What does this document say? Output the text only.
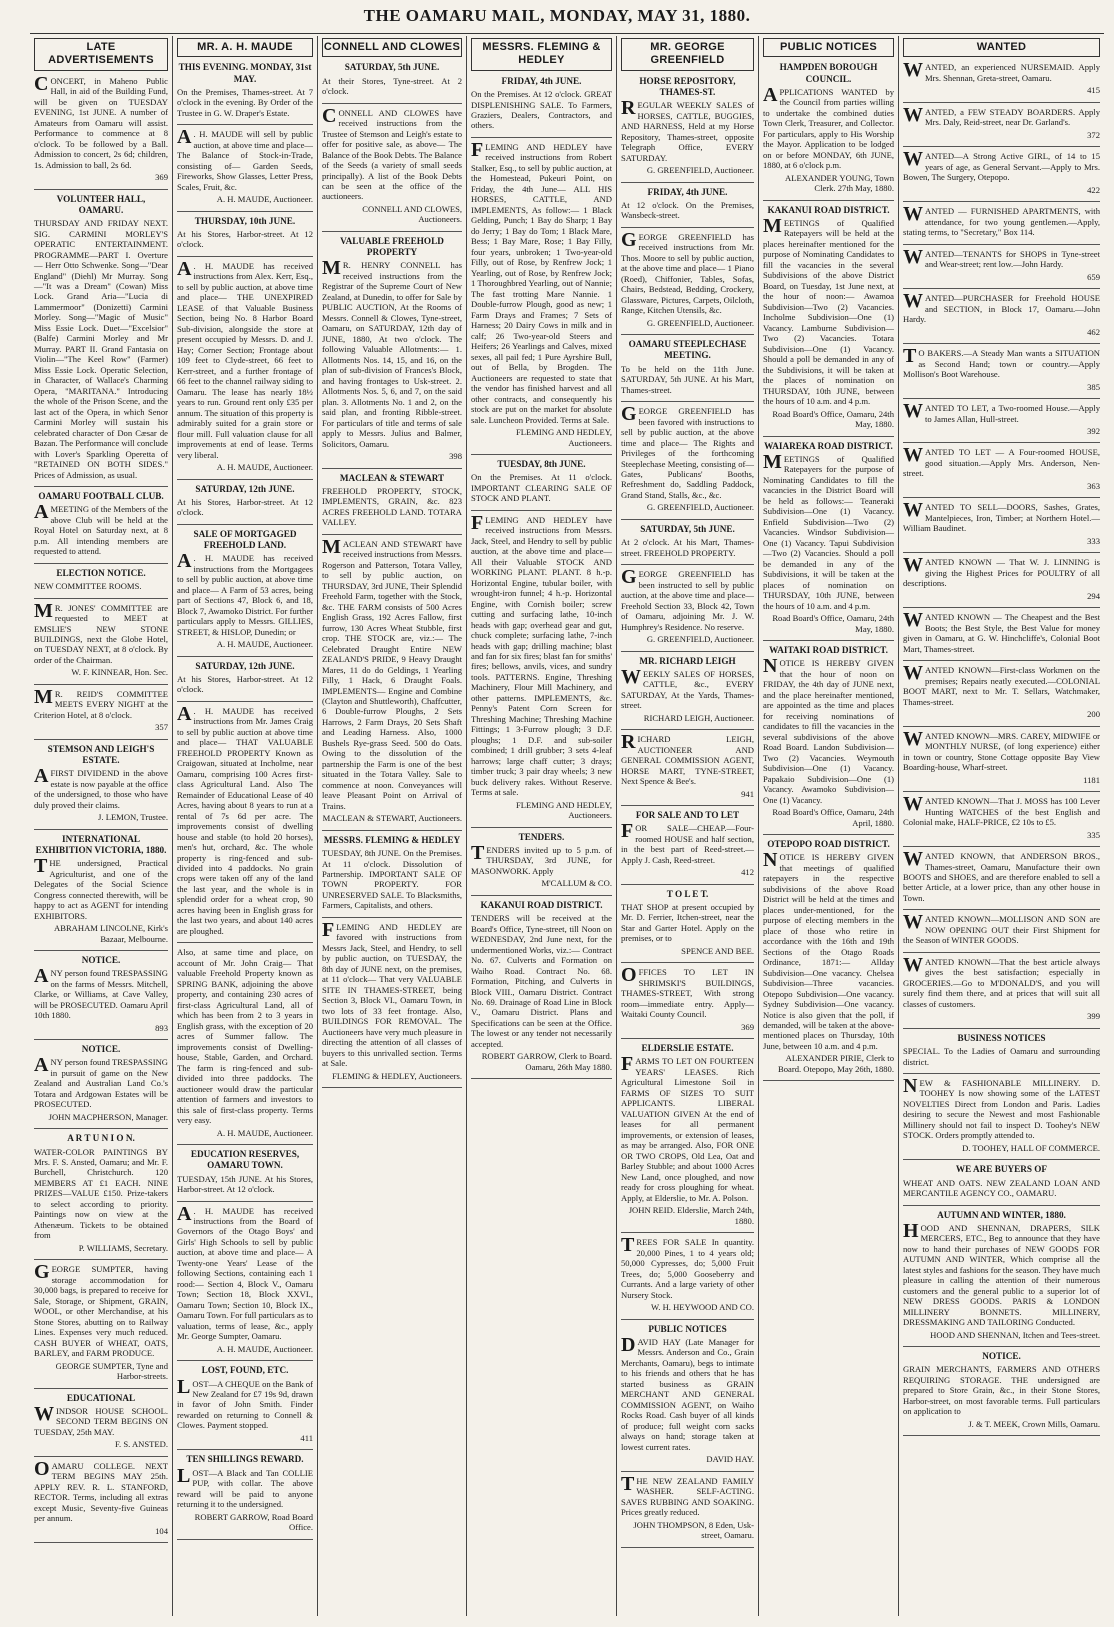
THE OAMARU MAIL, MONDAY, MAY 31, 1880.
LATE ADVERTISEMENTS
CONCERT, in Maheno Public Hall, in aid of the Building Fund, will be given on TUESDAY EVENING, 1st JUNE. A number of Amateurs from Oamaru will assist. Performance to commence at 8 o'clock. To be followed by a Ball. Admission to concert, 2s 6d; children, 1s. Admission to ball, 2s 6d.
369
VOLUNTEER HALL, OAMARU.
THURSDAY AND FRIDAY NEXT. SIG. CARMINI MORLEY'S OPERATIC ENTERTAINMENT. PROGRAMME—PART I. Overture — Herr Otto Schwenke. Song—"Dear England" (Diehl) Mr Murray. Song—"It was a Dream" (Cowan) Miss Lock. Grand Aria—"Lucia di Lammermoor" (Donizetti) Carmini Morley. Song—"Magic of Music" Miss Essie Lock. Duet—"Excelsior" (Balfe) Carmini Morley and Mr Murray. PART II. Grand Fantasia on Violin—"The Keel Row" (Farmer) Miss Essie Lock. Operatic Selection, in Character, of Wallace's Charming Opera, "MARITANA." Introducing the whole of the Prison Scene, and the last act of the Opera, in which Senor Carmini Morley will sustain his celebrated character of Don Cæsar de Bazan. The Performance will conclude with Lover's Sparkling Operetta of "RETAINED ON BOTH SIDES." Prices of Admission, as usual.
OAMARU FOOTBALL CLUB.
AMEETING of the Members of the above Club will be held at the Royal Hotel on Saturday next, at 8 p.m. All intending members are requested to attend.
ELECTION NOTICE.
NEW COMMITTEE ROOMS.
M R. JONES' COMMITTEE are requested to MEET at EMSLIE'S NEW STONE BUILDINGS, next the Globe Hotel, on TUESDAY NEXT, at 8 o'clock. By order of the Chairman.
W. F. KINNEAR, Hon. Sec.
M R. REID'S COMMITTEE MEETS EVERY NIGHT at the Criterion Hotel, at 8 o'clock.
357
STEMSON AND LEIGH'S ESTATE.
AFIRST DIVIDEND in the above estate is now payable at the office of the undersigned, to those who have duly proved their claims.
J. LEMON, Trustee.
INTERNATIONAL EXHIBITION VICTORIA, 1880.
THE undersigned, Practical Agriculturist, and one of the Delegates of the Social Science Congress connected therewith, will be happy to act as AGENT for intending EXHIBITORS.
ABRAHAM LINCOLNE, Kirk's Bazaar, Melbourne.
NOTICE.
ANY person found TRESPASSING on the farms of Messrs. Mitchell, Clarke, or Williams, at Cave Valley, will be PROSECUTED. Oamaru April 10th 1880.
893
NOTICE.
ANY person found TRESPASSING in pursuit of game on the New Zealand and Australian Land Co.'s Totara and Ardgowan Estates will be PROSECUTED.
JOHN MACPHERSON, Manager.
A R T U N I O N.
WATER-COLOR PAINTINGS BY Mrs. F. S. Ansted, Oamaru; and Mr. F. Burchell, Christchurch. 120 MEMBERS AT £1 EACH. NINE PRIZES—VALUE £150. Prize-takers to select according to priority. Paintings now on view at the Athenæum. Tickets to be obtained from
P. WILLIAMS, Secretary.
GEORGE SUMPTER, having storage accommodation for 30,000 bags, is prepared to receive for Sale, Storage, or Shipment, GRAIN, WOOL, or other Merchandise, at his Stone Stores, abutting on to Railway Lines. Expenses very much reduced. CASH BUYER of WHEAT, OATS, BARLEY, and FARM PRODUCE.
GEORGE SUMPTER, Tyne and Harbor-streets.
EDUCATIONAL
WINDSOR HOUSE SCHOOL. SECOND TERM BEGINS ON TUESDAY, 25th MAY.
F. S. ANSTED.
OAMARU COLLEGE. NEXT TERM BEGINS MAY 25th. APPLY REV. R. L. STANFORD, RECTOR. Terms, including all extras except Music, Seventy-five Guineas per annum.
104
MR. A. H. MAUDE
THIS EVENING. MONDAY, 31st MAY.
On the Premises, Thames-street. At 7 o'clock in the evening. By Order of the Trustee in G. W. Draper's Estate.
A . H. MAUDE will sell by public auction, at above time and place— The Balance of Stock-in-Trade, consisting of— Garden Seeds, Fireworks, Show Glasses, Letter Press, Scales, Fruit, &c.
A. H. MAUDE, Auctioneer.
THURSDAY, 10th JUNE.
At his Stores, Harbor-street. At 12 o'clock.
A . H. MAUDE has received instructions from Alex. Kerr, Esq., to sell by public auction, at above time and place— THE UNEXPIRED LEASE of that Valuable Business Section, being No. 8 Harbor Board Sub-division, alongside the store at present occupied by Messrs. D. and J. Hay; Corner Section; Frontage about 109 feet to Clyde-street, 66 feet to Kerr-street, and a further frontage of 66 feet to the channel railway siding to Oamaru. The lease has nearly 18½ years to run. Ground rent only £35 per annum. The situation of this property is admirably suited for a grain store or flour mill. Full valuation clause for all improvements at end of lease. Terms very liberal.
A. H. MAUDE, Auctioneer.
SATURDAY, 12th JUNE.
At his Stores, Harbor-street. At 12 o'clock.
SALE OF MORTGAGED FREEHOLD LAND.
A . H. MAUDE has received instructions from the Mortgagees to sell by public auction, at above time and place— A Farm of 53 acres, being part of Sections 47, Block 6, and 18, Block 7, Awamoko District. For further particulars apply to Messrs. GILLIES, STREET, & HISLOP, Dunedin; or
A. H. MAUDE, Auctioneer.
SATURDAY, 12th JUNE.
At his Stores, Harbor-street. At 12 o'clock.
A . H. MAUDE has received instructions from Mr. James Craig to sell by public auction at above time and place— THAT VALUABLE FREEHOLD PROPERTY Known as Craigowan, situated at Incholme, near Oamaru, comprising 100 Acres first-class Agricultural Land. Also The Remainder of Educational Lease of 40 Acres, having about 8 years to run at a rental of 7s 6d per acre. The improvements consist of dwelling house and stable (to hold 20 horses), men's hut, orchard, &c. The whole property is ring-fenced and sub-divided into 4 paddocks. No grain crops were taken off any of the land the last year, and the whole is in splendid order for a wheat crop, 90 acres having been in English grass for the last two years, and about 140 acres are ploughed.
Also, at same time and place, on account of Mr. John Craig— That valuable Freehold Property known as SPRING BANK, adjoining the above property, and containing 230 acres of first-class Agricultural Land, all of which has been from 2 to 3 years in English grass, with the exception of 20 acres of Summer fallow. The improvements consist of Dwelling-house, Stable, Garden, and Orchard. The farm is ring-fenced and sub-divided into three paddocks. The auctioneer would draw the particular attention of farmers and investors to this sale of first-class property. Terms very easy.
A. H. MAUDE, Auctioneer.
EDUCATION RESERVES, OAMARU TOWN.
TUESDAY, 15th JUNE. At his Stores, Harbor-street. At 12 o'clock.
A . H. MAUDE has received instructions from the Board of Governors of the Otago Boys' and Girls' High Schools to sell by public auction, at above time and place— A Twenty-one Years' Lease of the following Sections, containing each 1 rood:— Section 4, Block V., Oamaru Town; Section 18, Block XXVI., Oamaru Town; Section 10, Block IX., Oamaru Town. For full particulars as to valuation, terms of lease, &c., apply Mr. George Sumpter, Oamaru.
A. H. MAUDE, Auctioneer.
LOST, FOUND, ETC.
LOST—A CHEQUE on the Bank of New Zealand for £7 19s 9d, drawn in favor of John Smith. Finder rewarded on returning to Connell & Clowes. Payment stopped.
411
TEN SHILLINGS REWARD.
LOST—A Black and Tan COLLIE PUP, with collar. The above reward will be paid to anyone returning it to the undersigned.
ROBERT GARROW, Road Board Office.
CONNELL AND CLOWES
SATURDAY, 5th JUNE.
At their Stores, Tyne-street. At 2 o'clock.
CONNELL AND CLOWES have received instructions from the Trustee of Stemson and Leigh's estate to offer for positive sale, as above— The Balance of the Book Debts. The Balance of the Seeds (a variety of small seeds principally). A list of the Book Debts can be seen at the office of the auctioneers.
CONNELL AND CLOWES, Auctioneers.
VALUABLE FREEHOLD PROPERTY
M R. HENRY CONNELL has received instructions from the Registrar of the Supreme Court of New Zealand, at Dunedin, to offer for Sale by PUBLIC AUCTION, At the Rooms of Messrs. Connell & Clowes, Tyne-street, Oamaru, on SATURDAY, 12th day of JUNE, 1880, At two o'clock. The following Valuable Allotments:— 1. Allotments Nos. 14, 15, and 16, on the plan of sub-division of Frances's Block, and having frontages to Usk-street. 2. Allotments Nos. 5, 6, and 7, on the said plan. 3. Allotments No. 1 and 2, on the said plan, and fronting Ribble-street. For particulars of title and terms of sale apply to Messrs. Julius and Balmer, Solicitors, Oamaru.
398
MACLEAN & STEWART
FREEHOLD PROPERTY, STOCK, IMPLEMENTS, GRAIN, &c. 823 ACRES FREEHOLD LAND. TOTARA VALLEY.
MACLEAN AND STEWART have received instructions from Messrs. Rogerson and Patterson, Totara Valley, to sell by public auction, on THURSDAY, 3rd JUNE, Their Splendid Freehold Farm, together with the Stock, &c. THE FARM consists of 500 Acres English Grass, 192 Acres Fallow, first furrow, 130 Acres Wheat Stubble, first crop. THE STOCK are, viz.:— The Celebrated Draught Entire NEW ZEALAND'S PRIDE, 9 Heavy Draught Mares, 11 do do Geldings, 1 Yearling Filly, 1 Hack, 6 Draught Foals. IMPLEMENTS— Engine and Combine (Clayton and Shuttleworth), Chaffcutter, 6 Double-furrow Ploughs, 2 Sets Harrows, 2 Farm Drays, 20 Sets Shaft and Leading Harness. Also, 1000 Bushels Rye-grass Seed. 500 do Oats. Owing to the dissolution of the partnership the Farm is one of the best situated in the Totara Valley. Sale to commence at noon. Conveyances will leave Pleasant Point on Arrival of Trains.
MACLEAN & STEWART, Auctioneers.
MESSRS. FLEMING & HEDLEY
TUESDAY, 8th JUNE. On the Premises. At 11 o'clock. Dissolution of Partnership. IMPORTANT SALE OF TOWN PROPERTY. FOR UNRESERVED SALE. To Blacksmiths, Farmers, Capitalists, and others.
FLEMING AND HEDLEY are favored with instructions from Messrs Jack, Steel, and Hendry, to sell by public auction, on TUESDAY, the 8th day of JUNE next, on the premises, at 11 o'clock— That very VALUABLE SITE IN THAMES-STREET, being Section 3, Block VI., Oamaru Town, in two lots of 33 feet frontage. Also, BUILDINGS FOR REMOVAL. The Auctioneers have very much pleasure in directing the attention of all classes of buyers to this unrivalled section. Terms at Sale.
FLEMING & HEDLEY, Auctioneers.
MESSRS. FLEMING & HEDLEY
FRIDAY, 4th JUNE.
On the Premises. At 12 o'clock. GREAT DISPLENISHING SALE. To Farmers, Graziers, Dealers, Contractors, and others.
FLEMING AND HEDLEY have received instructions from Robert Stalker, Esq., to sell by public auction, at the Homestead, Pukeuri Point, on Friday, the 4th June— ALL HIS HORSES, CATTLE, AND IMPLEMENTS, As follow:— 1 Black Gelding, Punch; 1 Bay do Sharp; 1 Bay do Jerry; 1 Bay do Tom; 1 Black Mare, Bess; 1 Bay Mare, Rose; 1 Bay Filly, four years, unbroken; 1 Two-year-old Filly, out of Rose, by Renfrew Jock; 1 Yearling, out of Rose, by Renfrew Jock; 1 Thoroughbred Yearling, out of Nannie; The fast trotting Mare Nannie. 1 Double-furrow Plough, good as new; 1 Farm Drays and Frames; 7 Sets of Harness; 20 Dairy Cows in milk and in calf; 26 Two-year-old Steers and Heifers; 26 Yearlings and Calves, mixed sexes, all pail fed; 1 Pure Ayrshire Bull, out of Bella, by Brogden. The Auctioneers are requested to state that the vendor has finished harvest and all other contracts, and consequently his stock are put on the market for absolute sale. Luncheon Provided. Terms at Sale.
FLEMING AND HEDLEY, Auctioneers.
TUESDAY, 8th JUNE.
On the Premises. At 11 o'clock. IMPORTANT CLEARING SALE OF STOCK AND PLANT.
FLEMING AND HEDLEY have received instructions from Messrs. Jack, Steel, and Hendry to sell by public auction, at the above time and place— All their Valuable STOCK AND WORKING PLANT. PLANT. 8 h.-p. Horizontal Engine, tubular boiler, with wrought-iron funnel; 4 h.-p. Horizontal Engine, with Cornish boiler; screw cutting and surfacing lathe, 10-inch heads with gap; overhead gear and gut, chuck complete; surfacing lathe, 7-inch heads with gap; drilling machine; blast and fan for six fires; blast fan for smiths' fires; bellows, anvils, vices, and sundry tools. PATTERNS. Engine, Threshing Machinery, Flour Mill Machinery, and other patterns. IMPLEMENTS, &c. Penny's Patent Corn Screen for Threshing Machine; Threshing Machine Fittings; 1 3-Furrow plough; 3 D.F. ploughs; 1 D.F. and sub-soiler combined; 1 drill grubber; 3 sets 4-leaf harrows; large chaff cutter; 3 drays; timber truck; 3 pair dray wheels; 3 new buck delivery rakes. Without Reserve. Terms at sale.
FLEMING AND HEDLEY, Auctioneers.
TENDERS.
TENDERS invited up to 5 p.m. of THURSDAY, 3rd JUNE, for MASONWORK. Apply
M'CALLUM & CO.
KAKANUI ROAD DISTRICT.
TENDERS will be received at the Board's Office, Tyne-street, till Noon on WEDNESDAY, 2nd June next, for the undermentioned Works, viz.:— Contract No. 67. Culverts and Formation on Waiho Road. Contract No. 68. Formation, Pitching, and Culverts in Block VIII., Oamaru District. Contract No. 69. Drainage of Road Line in Block V., Oamaru District. Plans and Specifications can be seen at the Office. The lowest or any tender not necessarily accepted.
ROBERT GARROW, Clerk to Board. Oamaru, 26th May 1880.
MR. GEORGE GREENFIELD
HORSE REPOSITORY, THAMES-ST.
REGULAR WEEKLY SALES of HORSES, CATTLE, BUGGIES, AND HARNESS, Held at my Horse Repository, Thames-street, opposite Telegraph Office, EVERY SATURDAY.
G. GREENFIELD, Auctioneer.
FRIDAY, 4th JUNE.
At 12 o'clock. On the Premises, Wansbeck-street.
GEORGE GREENFIELD has received instructions from Mr. Thos. Moore to sell by public auction, at the above time and place— 1 Piano (Roed), Chiffonier, Tables, Sofas, Chairs, Bedstead, Bedding, Crockery, Glassware, Pictures, Carpets, Oilcloth, Range, Kitchen Utensils, &c.
G. GREENFIELD, Auctioneer.
OAMARU STEEPLECHASE MEETING.
To be held on the 11th June. SATURDAY, 5th JUNE. At his Mart, Thames-street.
GEORGE GREENFIELD has been favored with instructions to sell by public auction, at the above time and place— The Rights and Privileges of the forthcoming Steeplechase Meeting, consisting of— Gates, Publicans' Booths, Refreshment do, Saddling Paddock, Grand Stand, Stalls, &c., &c.
G. GREENFIELD, Auctioneer.
SATURDAY, 5th JUNE.
At 2 o'clock. At his Mart, Thames-street. FREEHOLD PROPERTY.
GEORGE GREENFIELD has been instructed to sell by public auction, at the above time and place— Freehold Section 33, Block 42, Town of Oamaru, adjoining Mr. J. W. Humphrey's Residence. No reserve.
G. GREENFIELD, Auctioneer.
MR. RICHARD LEIGH
WEEKLY SALES OF HORSES, CATTLE, &c., EVERY SATURDAY, At the Yards, Thames-street.
RICHARD LEIGH, Auctioneer.
RICHARD LEIGH, AUCTIONEER AND GENERAL COMMISSION AGENT, HORSE MART, TYNE-STREET, Next Spence & Bee's.
941
FOR SALE AND TO LET
FOR SALE—CHEAP.—Four-roomed HOUSE and half section, in the best part of Reed-street.—Apply J. Cash, Reed-street.
412
T O L E T.
THAT SHOP at present occupied by Mr. D. Ferrier, Itchen-street, near the Star and Garter Hotel. Apply on the premises, or to
SPENCE AND BEE.
OFFICES TO LET IN SHRIMSKI'S BUILDINGS, THAMES-STREET, With strong room—immediate entry. Apply—Waitaki County Council.
369
ELDERSLIE ESTATE.
FARMS TO LET ON FOURTEEN YEARS' LEASES. Rich Agricultural Limestone Soil in FARMS OF SIZES TO SUIT APPLICANTS. LIBERAL VALUATION GIVEN At the end of leases for all permanent improvements, or extension of leases, as may be arranged. Also, FOR ONE OR TWO CROPS, Old Lea, Oat and Barley Stubble; and about 1000 Acres New Land, once ploughed, and now ready for cross ploughing for wheat. Apply, at Elderslie, to Mr. A. Polson.
JOHN REID. Elderslie, March 24th, 1880.
TREES FOR SALE In quantity. 20,000 Pines, 1 to 4 years old; 50,000 Cypresses, do; 5,000 Fruit Trees, do; 5,000 Gooseberry and Currants. And a large variety of other Nursery Stock.
W. H. HEYWOOD AND CO.
PUBLIC NOTICES
DAVID HAY (Late Manager for Messrs. Anderson and Co., Grain Merchants, Oamaru), begs to intimate to his friends and others that he has started business as GRAIN MERCHANT AND GENERAL COMMISSION AGENT, on Waiho Rocks Road. Cash buyer of all kinds of produce; full weight corn sacks always on hand; storage taken at lowest current rates.
DAVID HAY.
THE NEW ZEALAND FAMILY WASHER. SELF-ACTING. SAVES RUBBING AND SOAKING. Prices greatly reduced.
JOHN THOMPSON, 8 Eden, Usk-street, Oamaru.
PUBLIC NOTICES
HAMPDEN BOROUGH COUNCIL.
APPLICATIONS WANTED by the Council from parties willing to undertake the combined duties Town Clerk, Treasurer, and Collector. For particulars, apply to His Worship the Mayor. Application to be lodged on or before MONDAY, 6th JUNE, 1880, at 6 o'clock p.m.
ALEXANDER YOUNG, Town Clerk. 27th May, 1880.
KAKANUI ROAD DISTRICT.
MEETINGS of Qualified Ratepayers will be held at the places hereinafter mentioned for the purpose of Nominating Candidates to fill the vacancies in the several Subdivisions of the above District Board, on Tuesday, 1st June next, at the hour of noon:— Awamoa Subdivision—Two (2) Vacancies. Incholme Subdivision—One (1) Vacancy. Lamburne Subdivision—Two (2) Vacancies. Totara Subdivision—One (1) Vacancy. Should a poll be demanded in any of the Subdivisions, it will be taken at the places of nomination on THURSDAY, 10th JUNE, between the hours of 10 a.m. and 4 p.m.
Road Board's Office, Oamaru, 24th May, 1880.
WAIAREKA ROAD DISTRICT.
MEETINGS of Qualified Ratepayers for the purpose of Nominating Candidates to fill the vacancies in the District Board will be held as follows:— Teaneraki Subdivision—One (1) Vacancy. Enfield Subdivision—Two (2) Vacancies. Windsor Subdivision—One (1) Vacancy. Tapui Subdivision—Two (2) Vacancies. Should a poll be demanded in any of the Subdivisions, it will be taken at the places of nomination on THURSDAY, 10th JUNE, between the hours of 10 a.m. and 4 p.m.
Road Board's Office, Oamaru, 24th May, 1880.
WAITAKI ROAD DISTRICT.
NOTICE IS HEREBY GIVEN that the hour of noon on FRIDAY, the 4th day of JUNE next, and the place hereinafter mentioned, are appointed as the time and places for receiving nominations of candidates to fill the vacancies in the several subdivisions of the above Road Board. Landon Subdivision—Two (2) Vacancies. Weymouth Subdivision—One (1) Vacancy. Papakaio Subdivision—One (1) Vacancy. Awamoko Subdivision—One (1) Vacancy.
Road Board's Office, Oamaru, 24th April, 1880.
OTEPOPO ROAD DISTRICT.
NOTICE IS HEREBY GIVEN that meetings of qualified ratepayers in the respective subdivisions of the above Road District will be held at the times and places under-mentioned, for the purpose of electing members in the place of those who retire in accordance with the 16th and 19th Sections of the Otago Roads Ordinance, 1871:— Allday Subdivision—One vacancy. Chelsea Subdivision—Three vacancies. Otepopo Subdivision—One vacancy. Sydney Subdivision—One vacancy. Notice is also given that the poll, if demanded, will be taken at the above-mentioned places on Thursday, 10th June, between 10 a.m. and 4 p.m.
ALEXANDER PIRIE, Clerk to Board. Otepopo, May 26th, 1880.
WANTED
WANTED, an experienced NURSEMAID. Apply Mrs. Shennan, Greta-street, Oamaru.
415
WANTED, a FEW STEADY BOARDERS. Apply Mrs. Daly, Reid-street, near Dr. Garland's.
372
WANTED—A Strong Active GIRL, of 14 to 15 years of age, as General Servant.—Apply to Mrs. Bowen, The Surgery, Otepopo.
422
WANTED — FURNISHED APARTMENTS, with attendance, for two young gentlemen.—Apply, stating terms, to "Secretary," Box 114.
WANTED—TENANTS for SHOPS in Tyne-street and Wear-street; rent low.—John Hardy.
659
WANTED—PURCHASER for Freehold HOUSE and SECTION, in Block 17, Oamaru.—John Hardy.
462
T O BAKERS.—A Steady Man wants a SITUATION as Second Hand; town or country.—Apply Mollison's Boot Warehouse.
385
WANTED TO LET, a Two-roomed House.—Apply to James Allan, Hull-street.
392
WANTED TO LET — A Four-roomed HOUSE, good situation.—Apply Mrs. Anderson, Nen-street.
363
WANTED TO SELL—DOORS, Sashes, Grates, Mantelpieces, Iron, Timber; at Northern Hotel.—William Baudinet.
333
WANTED KNOWN — That W. J. LINNING is giving the Highest Prices for POULTRY of all descriptions.
294
WANTED KNOWN — The Cheapest and the Best Boots; the Best Style, the Best Value for money given in Oamaru, at G. W. Hinchcliffe's, Colonial Boot Mart, Thames-street.
WANTED KNOWN—First-class Workmen on the premises; Repairs neatly executed.—COLONIAL BOOT MART, next to Mr. T. Sellars, Watchmaker, Thames-street.
200
WANTED KNOWN—MRS. CAREY, MIDWIFE or MONTHLY NURSE, (of long experience) either in town or country, Stone Cottage opposite Bay View Boarding-house, Wharf-street.
1181
WANTED KNOWN—That J. MOSS has 100 Lever Hunting WATCHES of the best English and Colonial make, HALF-PRICE, £2 10s to £5.
335
WANTED KNOWN, that ANDERSON BROS., Thames-street, Oamaru, Manufacture their own BOOTS and SHOES, and are therefore enabled to sell a better Article, at a lower price, than any other house in Town.
WANTED KNOWN—MOLLISON AND SON are NOW OPENING OUT their First Shipment for the Season of WINTER GOODS.
WANTED KNOWN—That the best article always gives the best satisfaction; especially in GROCERIES.—Go to M'DONALD'S, and you will surely find them there, and at prices that will suit all classes of customers.
399
BUSINESS NOTICES
SPECIAL. To the Ladies of Oamaru and surrounding district.
NEW & FASHIONABLE MILLINERY. D. TOOHEY Is now showing some of the LATEST NOVELTIES Direct from London and Paris. Ladies desiring to secure the Newest and most Fashionable Millinery should not fail to inspect D. Toohey's NEW STOCK. Orders promptly attended to.
D. TOOHEY, HALL OF COMMERCE.
WE ARE BUYERS OF
WHEAT AND OATS. NEW ZEALAND LOAN AND MERCANTILE AGENCY CO., OAMARU.
AUTUMN AND WINTER, 1880.
HOOD AND SHENNAN, DRAPERS, SILK MERCERS, ETC., Beg to announce that they have now to hand their purchases of NEW GOODS FOR AUTUMN AND WINTER, Which comprise all the latest styles and fashions for the season. They have much pleasure in calling the attention of their numerous customers and the general public to a superior lot of NEW DRESS GOODS. PARIS & LONDON MILLINERY BONNETS. MILLINERY, DRESSMAKING AND TAILORING Conducted.
HOOD AND SHENNAN, Itchen and Tees-street.
NOTICE.
GRAIN MERCHANTS, FARMERS AND OTHERS REQUIRING STORAGE. THE undersigned are prepared to Store Grain, &c., in their Stone Stores, Harbor-street, on most favorable terms. Full particulars on application to
J. & T. MEEK, Crown Mills, Oamaru.
